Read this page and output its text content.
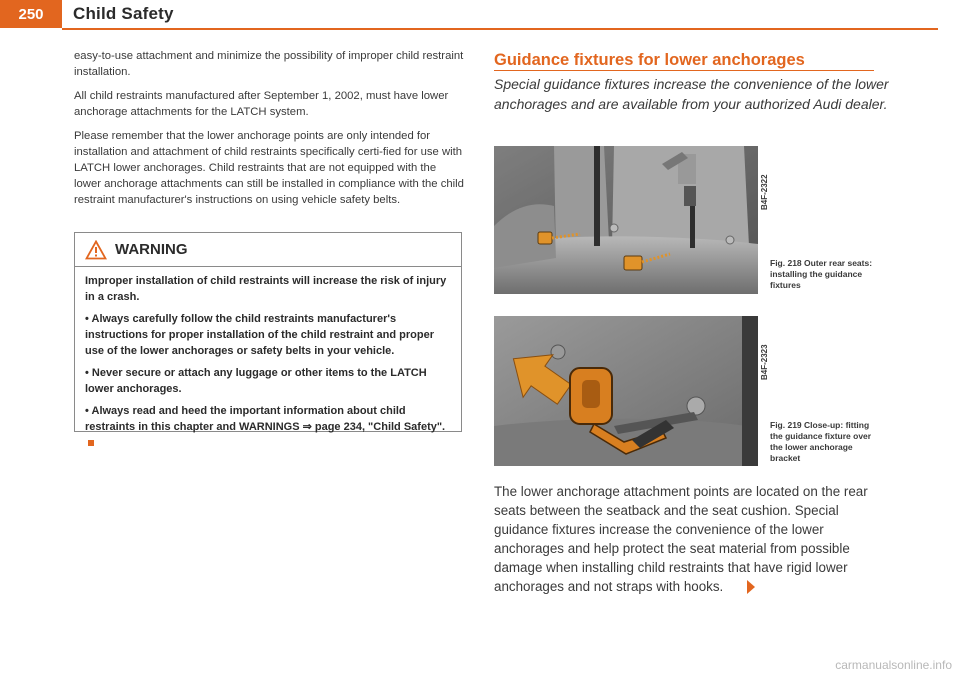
250	Child Safety

easy-to-use attachment and minimize the possibility of improper child restraint installation.

All child restraints manufactured after September 1, 2002, must have lower anchorage attachments for the LATCH system.

Please remember that the lower anchorage points are only intended for installation and attachment of child restraints specifically certi-fied for use with LATCH lower anchorages. Child restraints that are not equipped with the lower anchorage attachments can still be installed in compliance with the child restraint manufacturer's instructions on using vehicle safety belts.

WARNING

Improper installation of child restraints will increase the risk of injury in a crash.

• Always carefully follow the child restraints manufacturer's instructions for proper installation of the child restraint and proper use of the lower anchorages or safety belts in your vehicle.

• Never secure or attach any luggage or other items to the LATCH lower anchorages.

• Always read and heed the important information about child restraints in this chapter and WARNINGS ⇒ page 234, "Child Safety".

Guidance fixtures for lower anchorages
Special guidance fixtures increase the convenience of the lower anchorages and are available from your authorized Audi dealer.
B4F-2322
Fig. 218 Outer rear seats: installing the guidance fixtures
B4F-2323
Fig. 219 Close-up: fitting the guidance fixture over the lower anchorage bracket
The lower anchorage attachment points are located on the rear seats between the seatback and the seat cushion. Special guidance fixtures increase the convenience of the lower anchorages and help protect the seat material from possible damage when installing child restraints that have rigid lower anchorages and not straps with hooks.
carmanualsonline.info
